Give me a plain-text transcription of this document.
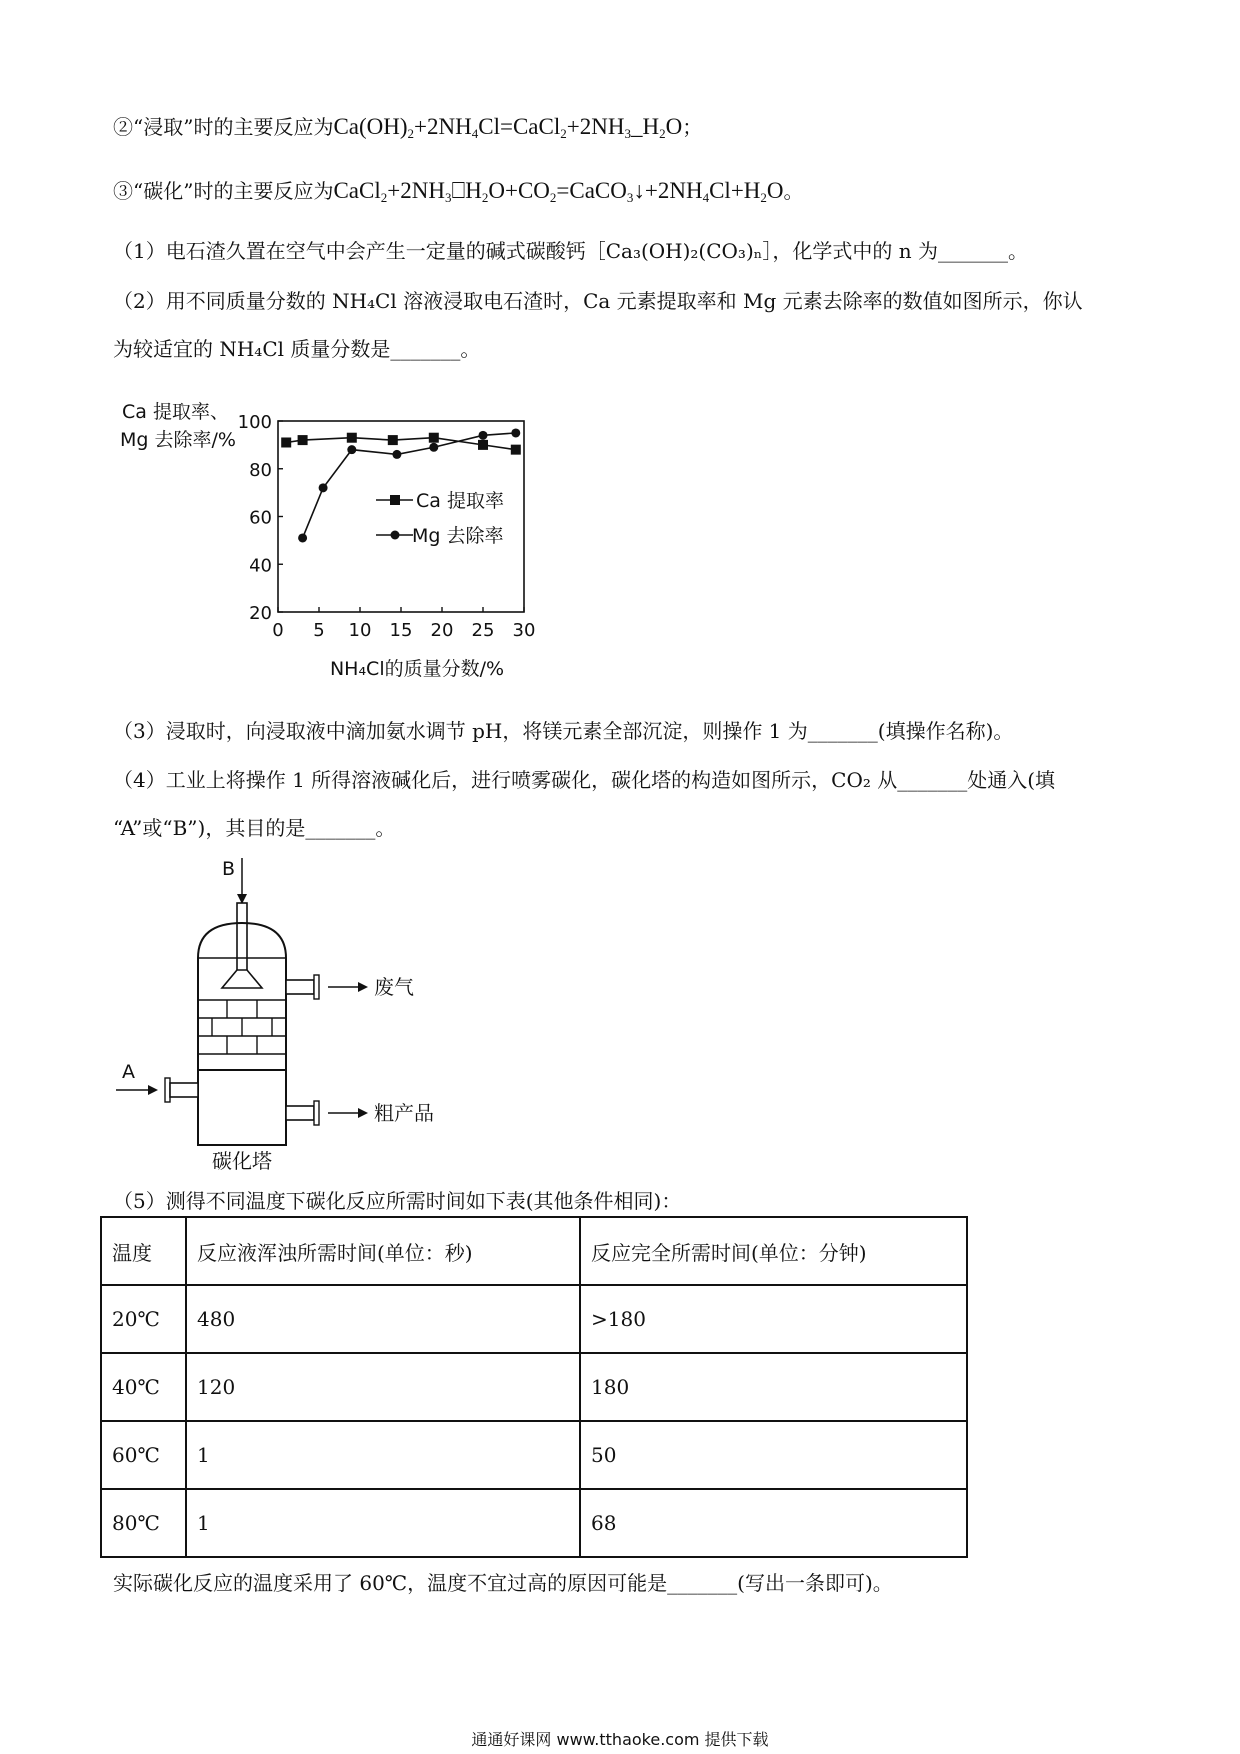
②“浸取”时的主要反应为$Ca(OH)_2+2NH_4Cl=CaCl_2+2NH_3\_H_2O$；
③“碳化”时的主要反应为$CaCl_2+2NH_3⎕H_2O+CO_2=CaCO_3↓+2NH_4Cl+H_2O$。
（1）电石渣久置在空气中会产生一定量的碱式碳酸钙［Ca₃(OH)₂(CO₃)ₙ］，化学式中的 n 为_______。
（2）用不同质量分数的 NH₄Cl 溶液浸取电石渣时，Ca 元素提取率和 Mg 元素去除率的数值如图所示，你认
为较适宜的 NH₄Cl 质量分数是_______。
Ca 提取率、
Mg 去除率/%
0 5 10 15 20 25 30
20
40
60
80
100
Ca 提取率
Mg 去除率
NH₄Cl的质量分数/%
（3）浸取时，向浸取液中滴加氨水调节 pH，将镁元素全部沉淀，则操作 1 为_______(填操作名称)。
（4）工业上将操作 1 所得溶液碱化后，进行喷雾碳化，碳化塔的构造如图所示，CO₂ 从_______处通入(填
“A”或“B”)，其目的是_______。
B
废气
A
粗产品
碳化塔
（5）测得不同温度下碳化反应所需时间如下表(其他条件相同)：
温度	反应液浑浊所需时间(单位：秒)	反应完全所需时间(单位：分钟)
20℃	480	>180
40℃	120	180
60℃	1	50
80℃	1	68
实际碳化反应的温度采用了 60℃，温度不宜过高的原因可能是_______(写出一条即可)。
通通好课网 www.tthaoke.com 提供下载
